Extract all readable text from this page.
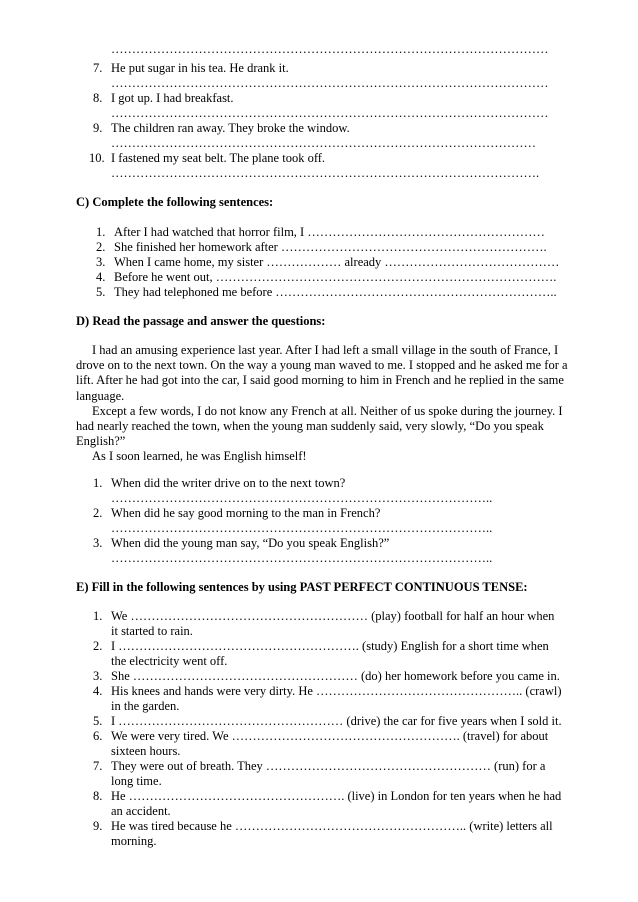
……………………………………………………………………………………………
7. He put sugar in his tea. He drank it.
……………………………………………………………………………………………
8. I got up. I had breakfast.
……………………………………………………………………………………………
9. The children ran away. They broke the window.
…………………………………………………………………………………………
10. I fastened my seat belt. The plane took off.
………………………………………………………………………………………….
C) Complete the following sentences:
1. After I had watched that horror film, I …………………………………………………
2. She finished her homework after ……………………………………………………….
3. When I came home, my sister ……………… already ……………………………………
4. Before he went out, ……………………………………………………………………….
5. They had telephoned me before …………………………………………………………..
D) Read the passage and answer the questions:

I had an amusing experience last year. After I had left a small village in the south of France, I drove on to the next town. On the way a young man waved to me. I stopped and he asked me for a lift. After he had got into the car, I said good morning to him in French and he replied in the same language.

Except a few words, I do not know any French at all. Neither of us spoke during the journey. I had nearly reached the town, when the young man suddenly said, very slowly, “Do you speak English?”

As I soon learned, he was English himself!

1. When did the writer drive on to the next town?
………………………………………………………………………………..
2. When did he say good morning to the man in French?
………………………………………………………………………………..
3. When did the young man say, “Do you speak English?”
………………………………………………………………………………..
E) Fill in the following sentences by using PAST PERFECT CONTINUOUS TENSE:
1. We ………………………………………………… (play) football for half an hour when
it started to rain.
2. I …………………………………………………. (study) English for a short time when
the electricity went off.
3. She ……………………………………………… (do) her homework before you came in.
4. His knees and hands were very dirty. He ………………………………………….. (crawl)
in the garden.
5. I ……………………………………………… (drive) the car for five years when I sold it.
6. We were very tired. We ………………………………………………. (travel) for about
sixteen hours.
7. They were out of breath. They ……………………………………………… (run) for a
long time.
8. He ……………………………………………. (live) in London for ten years when he had
an accident.
9. He was tired because he ……………………………………………….. (write) letters all
morning.
